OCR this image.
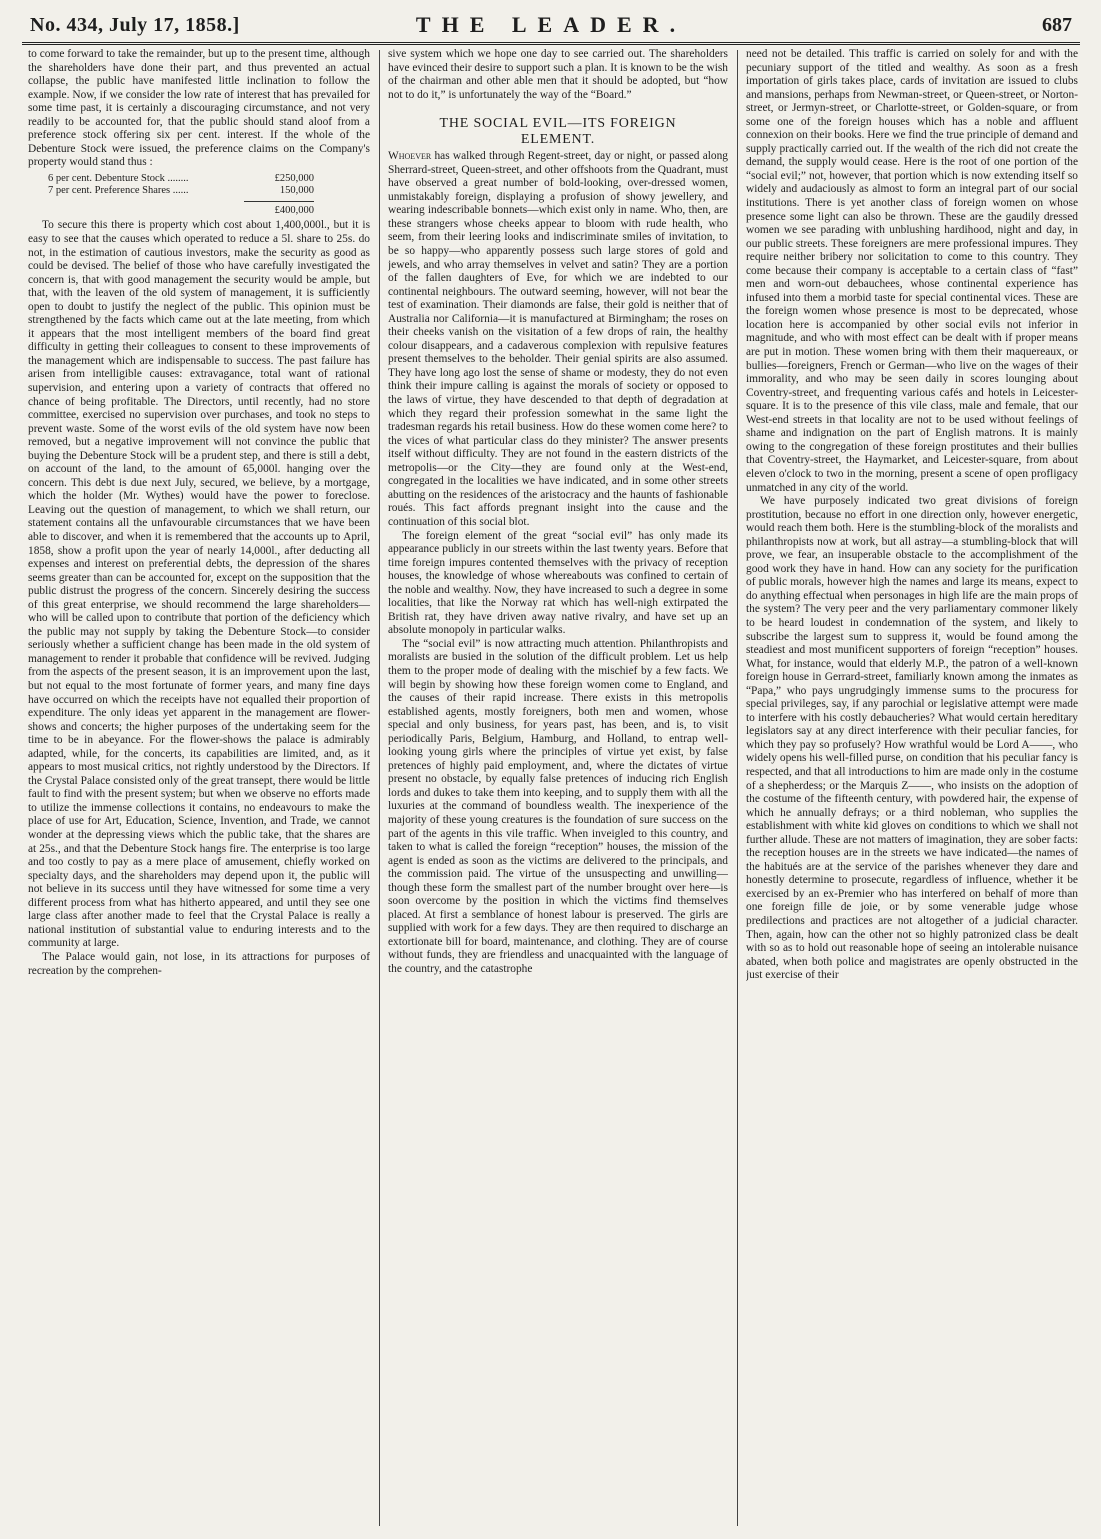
No. 434, July 17, 1858.]	THE LEADER.	687

to come forward to take the remainder, but up to the present time, although the shareholders have done their part, and thus prevented an actual collapse, the public have manifested little inclination to follow the example. Now, if we consider the low rate of interest that has prevailed for some time past, it is certainly a discouraging circumstance, and not very readily to be accounted for, that the public should stand aloof from a preference stock offering six per cent. interest. If the whole of the Debenture Stock were issued, the preference claims on the Company's property would stand thus :

6 per cent. Debenture Stock ........	£250,000
7 per cent. Preference Shares ......	150,000
£400,000

To secure this there is property which cost about 1,400,000l., but it is easy to see that the causes which operated to reduce a 5l. share to 25s. do not, in the estimation of cautious investors, make the security as good as could be devised. The belief of those who have carefully investigated the concern is, that with good management the security would be ample, but that, with the leaven of the old system of management, it is sufficiently open to doubt to justify the neglect of the public. This opinion must be strengthened by the facts which came out at the late meeting, from which it appears that the most intelligent members of the board find great difficulty in getting their colleagues to consent to these improvements of the management which are indispensable to success. The past failure has arisen from intelligible causes: extravagance, total want of rational supervision, and entering upon a variety of contracts that offered no chance of being profitable. The Directors, until recently, had no store committee, exercised no supervision over purchases, and took no steps to prevent waste. Some of the worst evils of the old system have now been removed, but a negative improvement will not convince the public that buying the Debenture Stock will be a prudent step, and there is still a debt, on account of the land, to the amount of 65,000l. hanging over the concern. This debt is due next July, secured, we believe, by a mortgage, which the holder (Mr. Wythes) would have the power to foreclose. Leaving out the question of management, to which we shall return, our statement contains all the unfavourable circumstances that we have been able to discover, and when it is remembered that the accounts up to April, 1858, show a profit upon the year of nearly 14,000l., after deducting all expenses and interest on preferential debts, the depression of the shares seems greater than can be accounted for, except on the supposition that the public distrust the progress of the concern. Sincerely desiring the success of this great enterprise, we should recommend the large shareholders—who will be called upon to contribute that portion of the deficiency which the public may not supply by taking the Debenture Stock—to consider seriously whether a sufficient change has been made in the old system of management to render it probable that confidence will be revived. Judging from the aspects of the present season, it is an improvement upon the last, but not equal to the most fortunate of former years, and many fine days have occurred on which the receipts have not equalled their proportion of expenditure. The only ideas yet apparent in the management are flower-shows and concerts; the higher purposes of the undertaking seem for the time to be in abeyance. For the flower-shows the palace is admirably adapted, while, for the concerts, its capabilities are limited, and, as it appears to most musical critics, not rightly understood by the Directors. If the Crystal Palace consisted only of the great transept, there would be little fault to find with the present system; but when we observe no efforts made to utilize the immense collections it contains, no endeavours to make the place of use for Art, Education, Science, Invention, and Trade, we cannot wonder at the depressing views which the public take, that the shares are at 25s., and that the Debenture Stock hangs fire. The enterprise is too large and too costly to pay as a mere place of amusement, chiefly worked on specialty days, and the shareholders may depend upon it, the public will not believe in its success until they have witnessed for some time a very different process from what has hitherto appeared, and until they see one large class after another made to feel that the Crystal Palace is really a national institution of substantial value to enduring interests and to the community at large.

The Palace would gain, not lose, in its attractions for purposes of recreation by the comprehen-

sive system which we hope one day to see carried out. The shareholders have evinced their desire to support such a plan. It is known to be the wish of the chairman and other able men that it should be adopted, but “how not to do it,” is unfortunately the way of the “Board.”

THE SOCIAL EVIL—ITS FOREIGN
ELEMENT.

Whoever has walked through Regent-street, day or night, or passed along Sherrard-street, Queen-street, and other offshoots from the Quadrant, must have observed a great number of bold-looking, over-dressed women, unmistakably foreign, displaying a profusion of showy jewellery, and wearing indescribable bonnets—which exist only in name. Who, then, are these strangers whose cheeks appear to bloom with rude health, who seem, from their leering looks and indiscriminate smiles of invitation, to be so happy—who apparently possess such large stores of gold and jewels, and who array themselves in velvet and satin? They are a portion of the fallen daughters of Eve, for which we are indebted to our continental neighbours. The outward seeming, however, will not bear the test of examination. Their diamonds are false, their gold is neither that of Australia nor California—it is manufactured at Birmingham; the roses on their cheeks vanish on the visitation of a few drops of rain, the healthy colour disappears, and a cadaverous complexion with repulsive features present themselves to the beholder. Their genial spirits are also assumed. They have long ago lost the sense of shame or modesty, they do not even think their impure calling is against the morals of society or opposed to the laws of virtue, they have descended to that depth of degradation at which they regard their profession somewhat in the same light the tradesman regards his retail business. How do these women come here? to the vices of what particular class do they minister? The answer presents itself without difficulty. They are not found in the eastern districts of the metropolis—or the City—they are found only at the West-end, congregated in the localities we have indicated, and in some other streets abutting on the residences of the aristocracy and the haunts of fashionable roués. This fact affords pregnant insight into the cause and the continuation of this social blot.

The foreign element of the great “social evil” has only made its appearance publicly in our streets within the last twenty years. Before that time foreign impures contented themselves with the privacy of reception houses, the knowledge of whose whereabouts was confined to certain of the noble and wealthy. Now, they have increased to such a degree in some localities, that like the Norway rat which has well-nigh extirpated the British rat, they have driven away native rivalry, and have set up an absolute monopoly in particular walks.

The “social evil” is now attracting much attention. Philanthropists and moralists are busied in the solution of the difficult problem. Let us help them to the proper mode of dealing with the mischief by a few facts. We will begin by showing how these foreign women come to England, and the causes of their rapid increase. There exists in this metropolis established agents, mostly foreigners, both men and women, whose special and only business, for years past, has been, and is, to visit periodically Paris, Belgium, Hamburg, and Holland, to entrap well-looking young girls where the principles of virtue yet exist, by false pretences of highly paid employment, and, where the dictates of virtue present no obstacle, by equally false pretences of inducing rich English lords and dukes to take them into keeping, and to supply them with all the luxuries at the command of boundless wealth. The inexperience of the majority of these young creatures is the foundation of sure success on the part of the agents in this vile traffic. When inveigled to this country, and taken to what is called the foreign “reception” houses, the mission of the agent is ended as soon as the victims are delivered to the principals, and the commission paid. The virtue of the unsuspecting and unwilling—though these form the smallest part of the number brought over here—is soon overcome by the position in which the victims find themselves placed. At first a semblance of honest labour is preserved. The girls are supplied with work for a few days. They are then required to discharge an extortionate bill for board, maintenance, and clothing. They are of course without funds, they are friendless and unacquainted with the language of the country, and the catastrophe

need not be detailed. This traffic is carried on solely for and with the pecuniary support of the titled and wealthy. As soon as a fresh importation of girls takes place, cards of invitation are issued to clubs and mansions, perhaps from Newman-street, or Queen-street, or Norton-street, or Jermyn-street, or Charlotte-street, or Golden-square, or from some one of the foreign houses which has a noble and affluent connexion on their books. Here we find the true principle of demand and supply practically carried out. If the wealth of the rich did not create the demand, the supply would cease. Here is the root of one portion of the “social evil;” not, however, that portion which is now extending itself so widely and audaciously as almost to form an integral part of our social institutions. There is yet another class of foreign women on whose presence some light can also be thrown. These are the gaudily dressed women we see parading with unblushing hardihood, night and day, in our public streets. These foreigners are mere professional impures. They require neither bribery nor solicitation to come to this country. They come because their company is acceptable to a certain class of “fast” men and worn-out debauchees, whose continental experience has infused into them a morbid taste for special continental vices. These are the foreign women whose presence is most to be deprecated, whose location here is accompanied by other social evils not inferior in magnitude, and who with most effect can be dealt with if proper means are put in motion. These women bring with them their maquereaux, or bullies—foreigners, French or German—who live on the wages of their immorality, and who may be seen daily in scores lounging about Coventry-street, and frequenting various cafés and hotels in Leicester-square. It is to the presence of this vile class, male and female, that our West-end streets in that locality are not to be used without feelings of shame and indignation on the part of English matrons. It is mainly owing to the congregation of these foreign prostitutes and their bullies that Coventry-street, the Haymarket, and Leicester-square, from about eleven o'clock to two in the morning, present a scene of open profligacy unmatched in any city of the world.

We have purposely indicated two great divisions of foreign prostitution, because no effort in one direction only, however energetic, would reach them both. Here is the stumbling-block of the moralists and philanthropists now at work, but all astray—a stumbling-block that will prove, we fear, an insuperable obstacle to the accomplishment of the good work they have in hand. How can any society for the purification of public morals, however high the names and large its means, expect to do anything effectual when personages in high life are the main props of the system? The very peer and the very parliamentary commoner likely to be heard loudest in condemnation of the system, and likely to subscribe the largest sum to suppress it, would be found among the steadiest and most munificent supporters of foreign “reception” houses. What, for instance, would that elderly M.P., the patron of a well-known foreign house in Gerrard-street, familiarly known among the inmates as “Papa,” who pays ungrudgingly immense sums to the procuress for special privileges, say, if any parochial or legislative attempt were made to interfere with his costly debaucheries? What would certain hereditary legislators say at any direct interference with their peculiar fancies, for which they pay so profusely? How wrathful would be Lord A——, who widely opens his well-filled purse, on condition that his peculiar fancy is respected, and that all introductions to him are made only in the costume of a shepherdess; or the Marquis Z——, who insists on the adoption of the costume of the fifteenth century, with powdered hair, the expense of which he annually defrays; or a third nobleman, who supplies the establishment with white kid gloves on conditions to which we shall not further allude. These are not matters of imagination, they are sober facts: the reception houses are in the streets we have indicated—the names of the habitués are at the service of the parishes whenever they dare and honestly determine to prosecute, regardless of influence, whether it be exercised by an ex-Premier who has interfered on behalf of more than one foreign fille de joie, or by some venerable judge whose predilections and practices are not altogether of a judicial character. Then, again, how can the other not so highly patronized class be dealt with so as to hold out reasonable hope of seeing an intolerable nuisance abated, when both police and magistrates are openly obstructed in the just exercise of their
